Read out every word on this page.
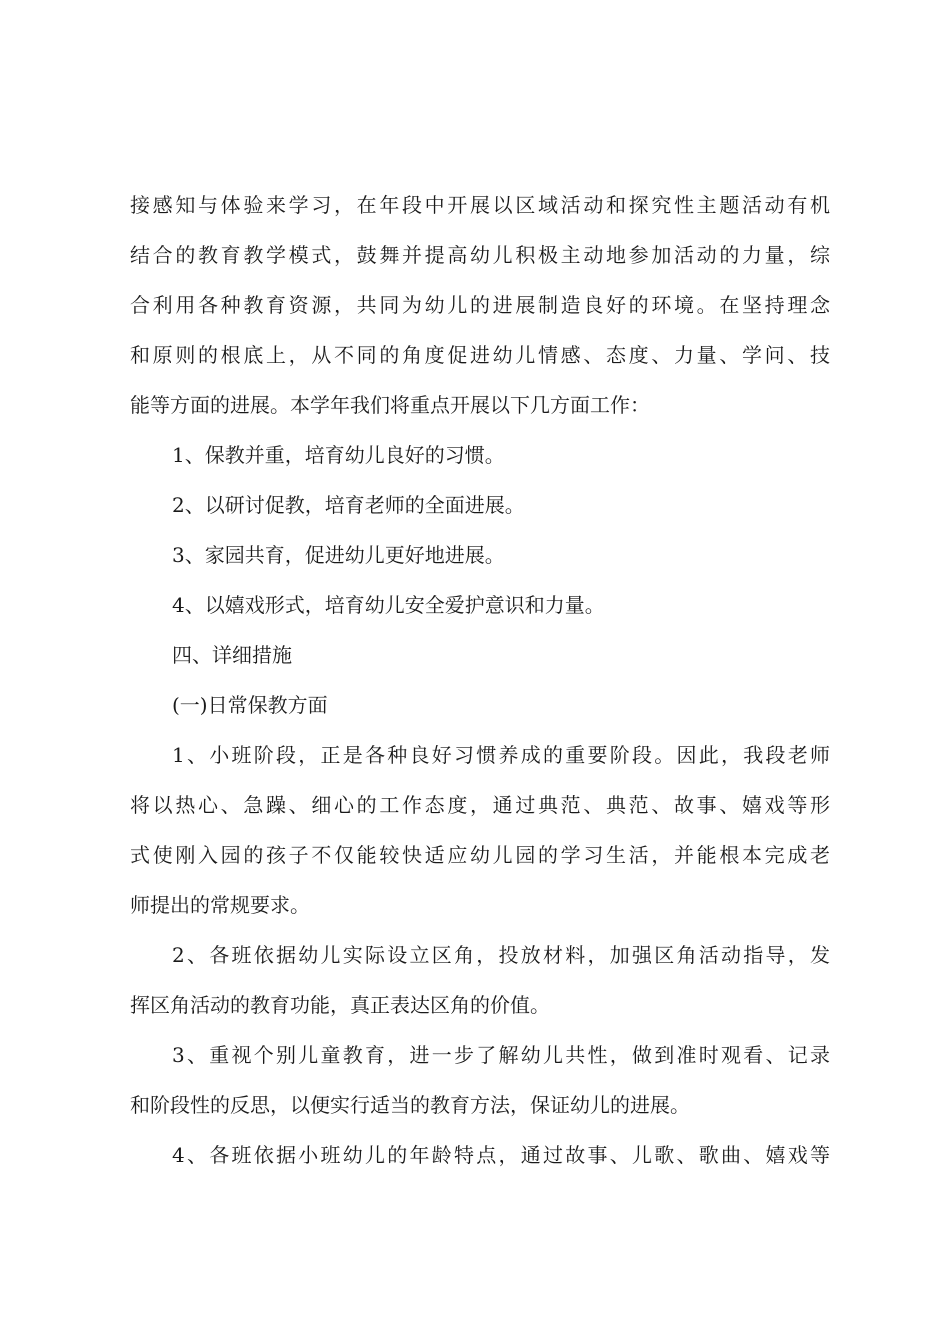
接感知与体验来学习，在年段中开展以区域活动和探究性主题活动有机
结合的教育教学模式，鼓舞并提高幼儿积极主动地参加活动的力量，综
合利用各种教育资源，共同为幼儿的进展制造良好的环境。在坚持理念
和原则的根底上，从不同的角度促进幼儿情感、态度、力量、学问、技
能等方面的进展。本学年我们将重点开展以下几方面工作：
1、保教并重，培育幼儿良好的习惯。
2、以研讨促教，培育老师的全面进展。
3、家园共育，促进幼儿更好地进展。
4、以嬉戏形式，培育幼儿安全爱护意识和力量。
四、详细措施
(一)日常保教方面
1、小班阶段，正是各种良好习惯养成的重要阶段。因此，我段老师
将以热心、急躁、细心的工作态度，通过典范、典范、故事、嬉戏等形
式使刚入园的孩子不仅能较快适应幼儿园的学习生活，并能根本完成老
师提出的常规要求。
2、各班依据幼儿实际设立区角，投放材料，加强区角活动指导，发
挥区角活动的教育功能，真正表达区角的价值。
3、重视个别儿童教育，进一步了解幼儿共性，做到准时观看、记录
和阶段性的反思，以便实行适当的教育方法，保证幼儿的进展。
4、各班依据小班幼儿的年龄特点，通过故事、儿歌、歌曲、嬉戏等
